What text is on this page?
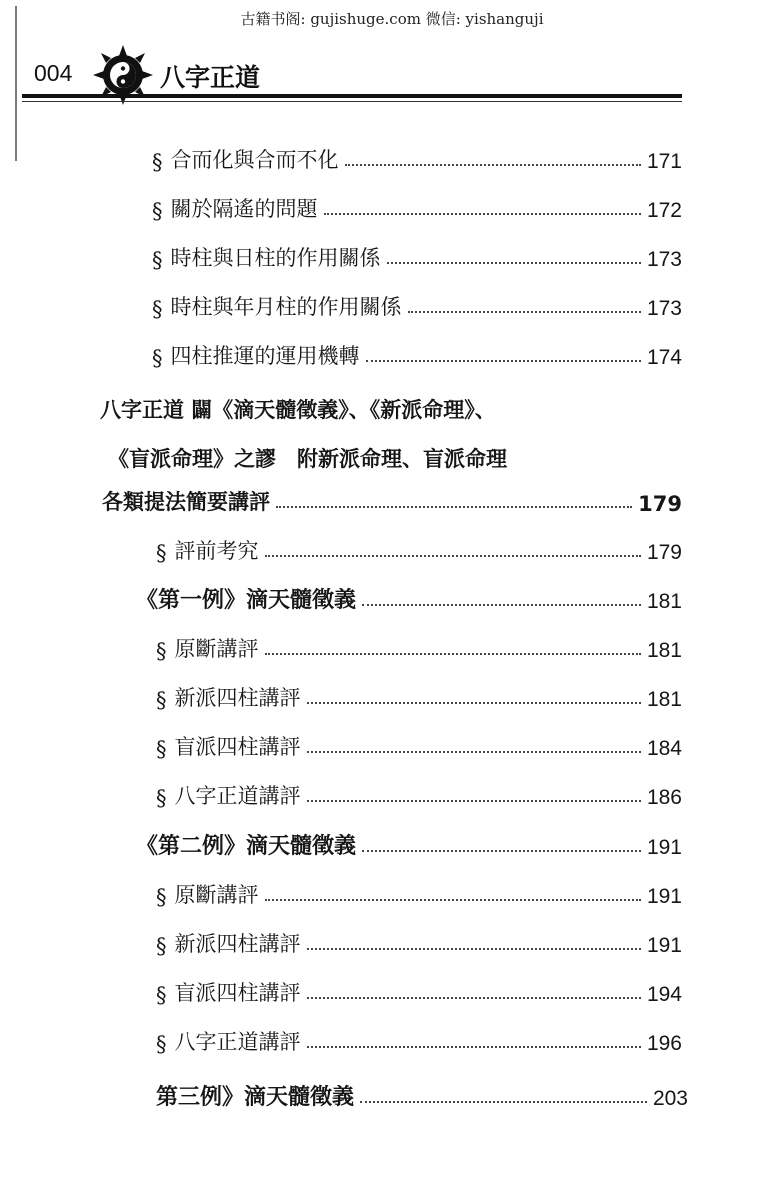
古籍书阁: gujishuge.com 微信: yishanguji
004	八字正道
§ 合而化與合而不化	171
§ 關於隔遙的問題	172
§ 時柱與日柱的作用關係	173
§ 時柱與年月柱的作用關係	173
§ 四柱推運的運用機轉	174
八字正道 闢《滴天髓徵義》、《新派命理》、
《盲派命理》之謬　附新派命理、盲派命理
各類提法簡要講評	179
§ 評前考究	179
《第一例》滴天髓徵義	181
§ 原斷講評	181
§ 新派四柱講評	181
§ 盲派四柱講評	184
§ 八字正道講評	186
《第二例》滴天髓徵義	191
§ 原斷講評	191
§ 新派四柱講評	191
§ 盲派四柱講評	194
§ 八字正道講評	196
第三例》滴天髓徵義	203
